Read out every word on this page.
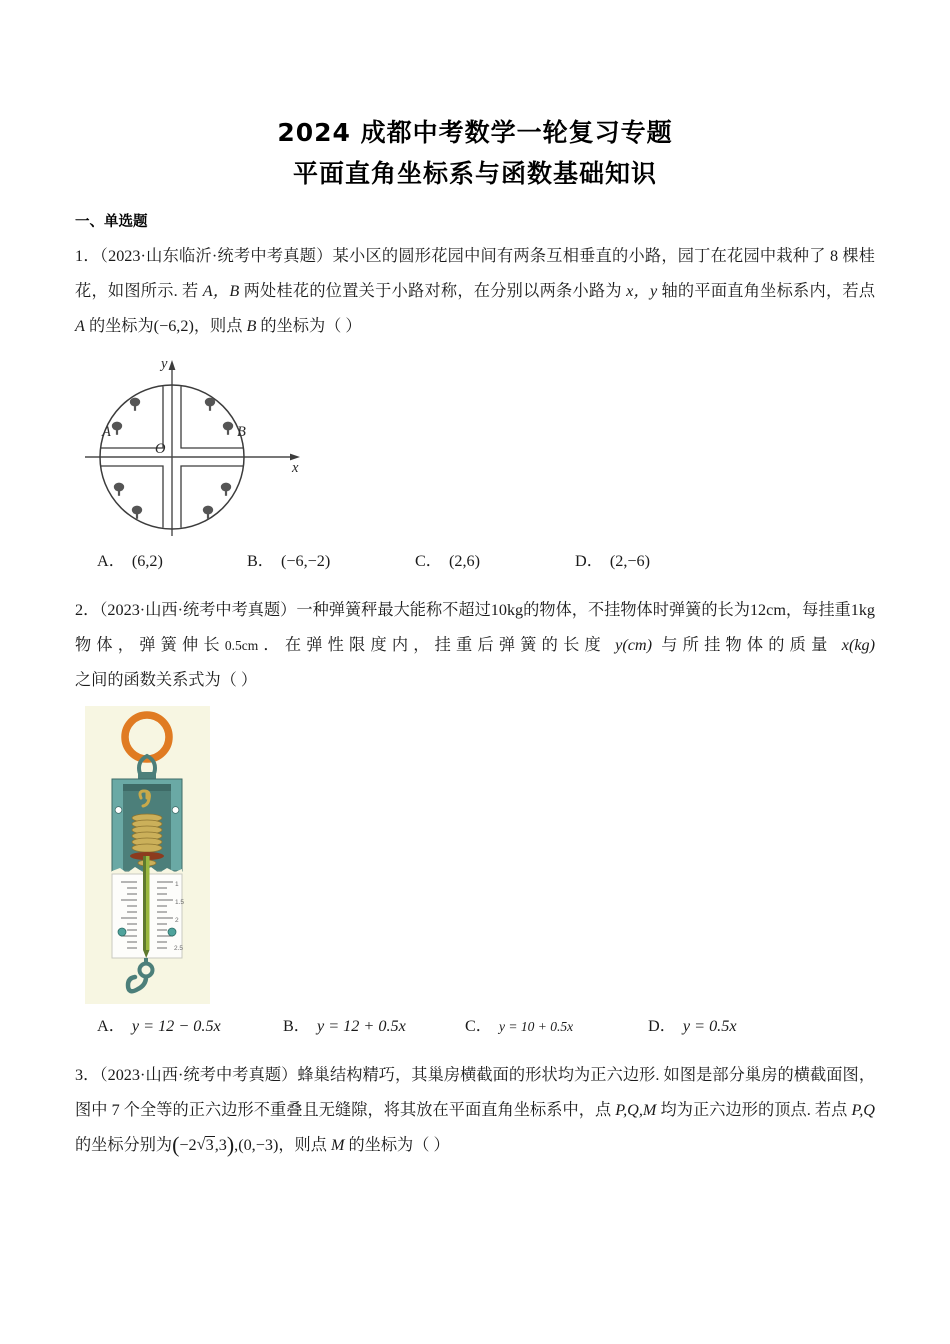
2024 成都中考数学一轮复习专题
平面直角坐标系与函数基础知识
一、单选题
1．（2023·山东临沂·统考中考真题）某小区的圆形花园中间有两条互相垂直的小路，园丁在花园中栽种了 8 棵桂花，如图所示. 若 A，B 两处桂花的位置关于小路对称，在分别以两条小路为 x，y 轴的平面直角坐标系内，若点 A 的坐标为(−6,2)，则点 B 的坐标为（ ）
y
x
O
A	B
A． (6,2)	B． (−6,−2)	C． (2,6)	D． (2,−6)
2．（2023·山西·统考中考真题）一种弹簧秤最大能称不超过10kg的物体，不挂物体时弹簧的长为12cm，每挂重1kg物体，弹簧伸长0.5cm．在弹性限度内，挂重后弹簧的长度 y(cm) 与所挂物体的质量 x(kg) 之间的函数关系式为（ ）
1
1.5
2
2.5
A． y = 12 − 0.5x	B． y = 12 + 0.5x	C． y = 10 + 0.5x	D． y = 0.5x
3．（2023·山西·统考中考真题）蜂巢结构精巧，其巢房横截面的形状均为正六边形. 如图是部分巢房的横截面图，图中 7 个全等的正六边形不重叠且无缝隙，将其放在平面直角坐标系中，点 P,Q,M 均为正六边形的顶点. 若点 P,Q 的坐标分别为(−2 √ 3,3),(0,−3)，则点 M 的坐标为（ ）
